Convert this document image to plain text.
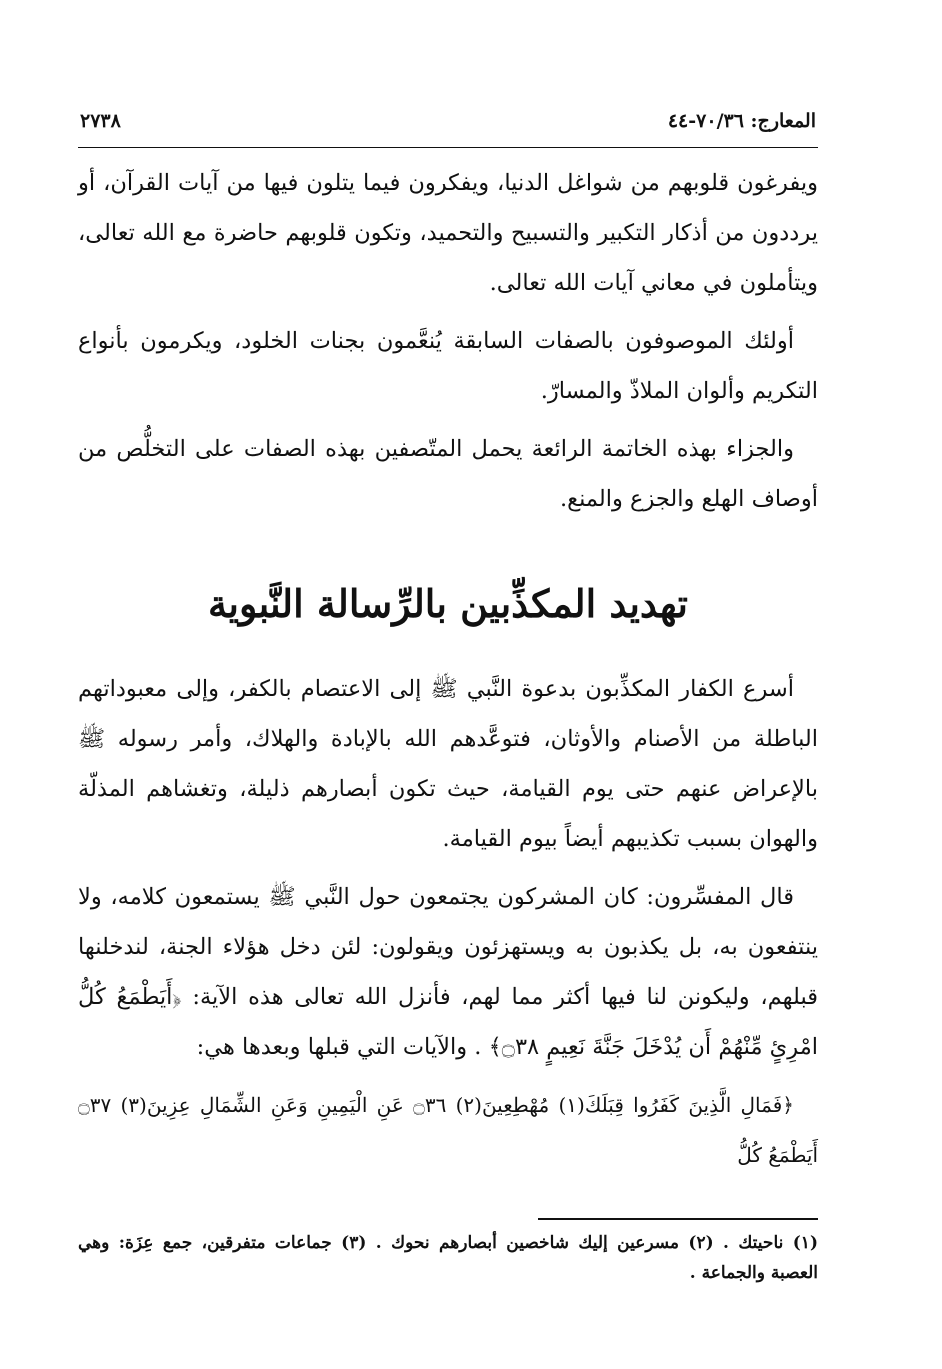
المعارج: ٧٠/٣٦-٤٤
٢٧٣٨

ويفرغون قلوبهم من شواغل الدنيا، ويفكرون فيما يتلون فيها من آيات القرآن، أو يرددون من أذكار التكبير والتسبيح والتحميد، وتكون قلوبهم حاضرة مع الله تعالى، ويتأملون في معاني آيات الله تعالى.

أولئك الموصوفون بالصفات السابقة يُنعَّمون بجنات الخلود، ويكرمون بأنواع التكريم وألوان الملاذّ والمسارّ.

والجزاء بهذه الخاتمة الرائعة يحمل المتّصفين بهذه الصفات على التخلُّص من أوصاف الهلع والجزع والمنع.

تهديد المكذِّبين بالرِّسالة النَّبوية

أسرع الكفار المكذِّبون بدعوة النَّبي ﷺ إلى الاعتصام بالكفر، وإلى معبوداتهم الباطلة من الأصنام والأوثان، فتوعَّدهم الله بالإبادة والهلاك، وأمر رسوله ﷺ بالإعراض عنهم حتى يوم القيامة، حيث تكون أبصارهم ذليلة، وتغشاهم المذلّة والهوان بسبب تكذيبهم أيضاً بيوم القيامة.

قال المفسِّرون: كان المشركون يجتمعون حول النَّبي ﷺ يستمعون كلامه، ولا ينتفعون به، بل يكذبون به ويستهزئون ويقولون: لئن دخل هؤلاء الجنة، لندخلنها قبلهم، وليكونن لنا فيها أكثر مما لهم، فأنزل الله تعالى هذه الآية: ﴿أَيَطْمَعُ كُلُّ امْرِئٍ مِّنْهُمْ أَن يُدْخَلَ جَنَّةَ نَعِيمٍ ۝٣٨﴾ . والآيات التي قبلها وبعدها هي:

﴿فَمَالِ الَّذِينَ كَفَرُوا قِبَلَكَ(١) مُهْطِعِينَ(٢) ۝٣٦ عَنِ الْيَمِينِ وَعَنِ الشِّمَالِ عِزِينَ(٣) ۝٣٧ أَيَطْمَعُ كُلُّ

(١) ناحيتك . (٢) مسرعين إليك شاخصين أبصارهم نحوك . (٣) جماعات متفرقين، جمع عِزَة: وهي العصبة والجماعة .
